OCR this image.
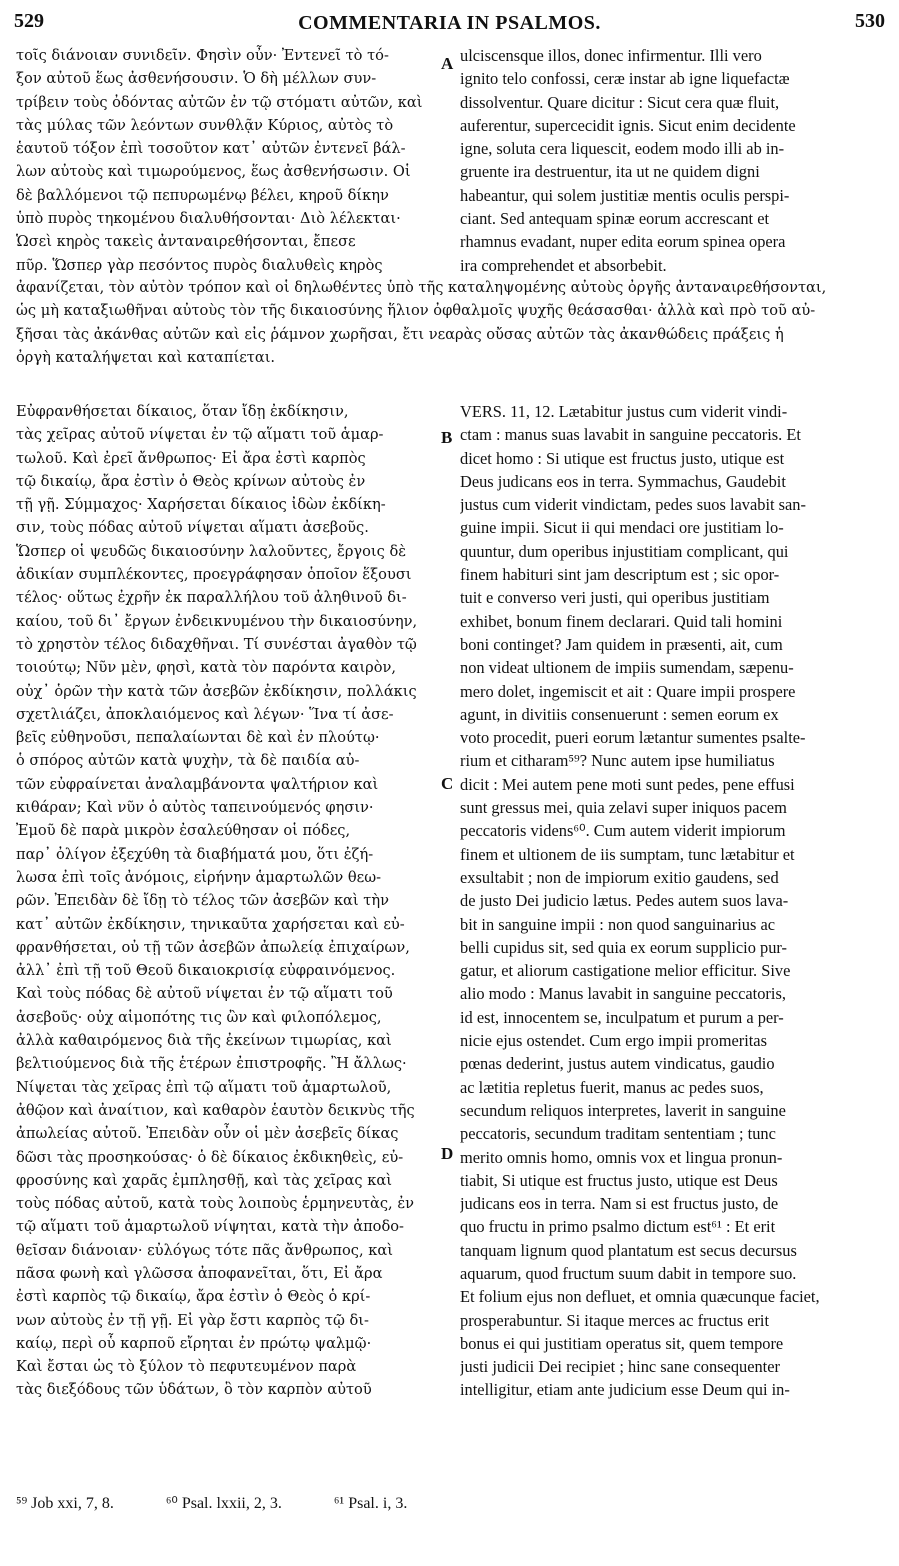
529	COMMENTARIA IN PSALMOS.	530
τοῖς διάνοιαν συνιδεῖν. Φησὶν οὖν· Ἐντενεῖ τὸ τό-
ξον αὐτοῦ ἕως ἀσθενήσουσιν. Ὁ δὴ μέλλων συν-
τρίβειν τοὺς ὀδόντας αὐτῶν ἐν τῷ στόματι αὐτῶν, καὶ
τὰς μύλας τῶν λεόντων συνθλᾷν Κύριος, αὐτὸς τὸ
ἑαυτοῦ τόξον ἐπὶ τοσοῦτον κατ᾽ αὐτῶν ἐντενεῖ βάλ-
λων αὐτοὺς καὶ τιμωρούμενος, ἕως ἀσθενήσωσιν. Οἱ
δὲ βαλλόμενοι τῷ πεπυρωμένῳ βέλει, κηροῦ δίκην
ὑπὸ πυρὸς τηκομένου διαλυθήσονται· Διὸ λέλεκται·
Ὡσεὶ κηρὸς τακεὶς ἀνταναιρεθήσονται, ἔπεσε
πῦρ. Ὥσπερ γὰρ πεσόντος πυρὸς διαλυθεὶς κηρὸς
ulciscensque illos, donec infirmentur. Illi vero
ignito telo confossi, ceræ instar ab igne liquefactæ
dissolventur. Quare dicitur : Sicut cera quæ fluit,
auferentur, supercecidit ignis. Sicut enim decidente
igne, soluta cera liquescit, eodem modo illi ab in-
gruente ira destruentur, ita ut ne quidem digni
habeantur, qui solem justitiæ mentis oculis perspi-
ciant. Sed antequam spinæ eorum accrescant et
rhamnus evadant, nuper edita eorum spinea opera
ira comprehendet et absorbebit.
A
ἀφανίζεται, τὸν αὐτὸν τρόπον καὶ οἱ δηλωθέντες ὑπὸ τῆς καταληψομένης αὐτοὺς ὀργῆς ἀνταναιρεθήσονται,
ὡς μὴ καταξιωθῆναι αὐτοὺς τὸν τῆς δικαιοσύνης ἥλιον ὀφθαλμοῖς ψυχῆς θεάσασθαι· ἀλλὰ καὶ πρὸ τοῦ αὐ-
ξῆσαι τὰς ἀκάνθας αὐτῶν καὶ εἰς ῥάμνον χωρῆσαι, ἔτι νεαρὰς οὔσας αὐτῶν τὰς ἀκανθώδεις πράξεις ἡ
ὀργὴ καταλήψεται καὶ καταπίεται.
Εὐφρανθήσεται δίκαιος, ὅταν ἴδῃ ἐκδίκησιν,
τὰς χεῖρας αὐτοῦ νίψεται ἐν τῷ αἵματι τοῦ ἁμαρ-
τωλοῦ. Καὶ ἐρεῖ ἄνθρωπος· Εἰ ἄρα ἐστὶ καρπὸς
τῷ δικαίῳ, ἄρα ἐστὶν ὁ Θεὸς κρίνων αὐτοὺς ἐν
τῇ γῇ. Σύμμαχος· Χαρήσεται δίκαιος ἰδὼν ἐκδίκη-
σιν, τοὺς πόδας αὐτοῦ νίψεται αἵματι ἀσεβοῦς.
Ὥσπερ οἱ ψευδῶς δικαιοσύνην λαλοῦντες, ἔργοις δὲ
ἀδικίαν συμπλέκοντες, προεγράφησαν ὁποῖον ἕξουσι
τέλος· οὕτως ἐχρῆν ἐκ παραλλήλου τοῦ ἀληθινοῦ δι-
καίου, τοῦ δι᾽ ἔργων ἐνδεικνυμένου τὴν δικαιοσύνην,
τὸ χρηστὸν τέλος διδαχθῆναι. Τί συνέσται ἀγαθὸν τῷ
τοιούτῳ; Νῦν μὲν, φησὶ, κατὰ τὸν παρόντα καιρὸν,
οὐχ᾽ ὁρῶν τὴν κατὰ τῶν ἀσεβῶν ἐκδίκησιν, πολλάκις
σχετλιάζει, ἀποκλαιόμενος καὶ λέγων· Ἵνα τί ἀσε-
βεῖς εὐθηνοῦσι, πεπαλαίωνται δὲ καὶ ἐν πλούτῳ·
ὁ σπόρος αὐτῶν κατὰ ψυχὴν, τὰ δὲ παιδία αὐ-
τῶν εὐφραίνεται ἀναλαμβάνοντα ψαλτήριον καὶ
κιθάραν; Καὶ νῦν ὁ αὐτὸς ταπεινούμενός φησιν·
Ἐμοῦ δὲ παρὰ μικρὸν ἐσαλεύθησαν οἱ πόδες,
παρ᾽ ὀλίγον ἐξεχύθη τὰ διαβήματά μου, ὅτι ἐζή-
λωσα ἐπὶ τοῖς ἀνόμοις, εἰρήνην ἁμαρτωλῶν θεω-
ρῶν. Ἐπειδὰν δὲ ἴδῃ τὸ τέλος τῶν ἀσεβῶν καὶ τὴν
κατ᾽ αὐτῶν ἐκδίκησιν, τηνικαῦτα χαρήσεται καὶ εὐ-
φρανθήσεται, οὐ τῇ τῶν ἀσεβῶν ἀπωλείᾳ ἐπιχαίρων,
ἀλλ᾽ ἐπὶ τῇ τοῦ Θεοῦ δικαιοκρισίᾳ εὐφραινόμενος.
Καὶ τοὺς πόδας δὲ αὐτοῦ νίψεται ἐν τῷ αἵματι τοῦ
ἀσεβοῦς· οὐχ αἱμοπότης τις ὢν καὶ φιλοπόλεμος,
ἀλλὰ καθαιρόμενος διὰ τῆς ἐκείνων τιμωρίας, καὶ
βελτιούμενος διὰ τῆς ἑτέρων ἐπιστροφῆς. Ἢ ἄλλως·
Νίψεται τὰς χεῖρας ἐπὶ τῷ αἵματι τοῦ ἁμαρτωλοῦ,
ἀθῷον καὶ ἀναίτιον, καὶ καθαρὸν ἑαυτὸν δεικνὺς τῆς
ἀπωλείας αὐτοῦ. Ἐπειδὰν οὖν οἱ μὲν ἀσεβεῖς δίκας
δῶσι τὰς προσηκούσας· ὁ δὲ δίκαιος ἐκδικηθεὶς, εὐ-
φροσύνης καὶ χαρᾶς ἐμπλησθῇ, καὶ τὰς χεῖρας καὶ
τοὺς πόδας αὐτοῦ, κατὰ τοὺς λοιποὺς ἑρμηνευτὰς, ἐν
τῷ αἵματι τοῦ ἁμαρτωλοῦ νίψηται, κατὰ τὴν ἀποδο-
θεῖσαν διάνοιαν· εὐλόγως τότε πᾶς ἄνθρωπος, καὶ
πᾶσα φωνὴ καὶ γλῶσσα ἀποφανεῖται, ὅτι, Εἰ ἄρα
ἐστὶ καρπὸς τῷ δικαίῳ, ἄρα ἐστὶν ὁ Θεὸς ὁ κρί-
νων αὐτοὺς ἐν τῇ γῇ. Εἰ γὰρ ἔστι καρπὸς τῷ δι-
καίῳ, περὶ οὗ καρποῦ εἴρηται ἐν πρώτῳ ψαλμῷ·
Καὶ ἔσται ὡς τὸ ξύλον τὸ πεφυτευμένον παρὰ
τὰς διεξόδους τῶν ὑδάτων, ὃ τὸν καρπὸν αὐτοῦ
VERS. 11, 12. Lætabitur justus cum viderit vindi-
ctam : manus suas lavabit in sanguine peccatoris. Et
dicet homo : Si utique est fructus justo, utique est
Deus judicans eos in terra. Symmachus, Gaudebit
justus cum viderit vindictam, pedes suos lavabit san-
guine impii. Sicut ii qui mendaci ore justitiam lo-
quuntur, dum operibus injustitiam complicant, qui
finem habituri sint jam descriptum est ; sic opor-
tuit e converso veri justi, qui operibus justitiam
exhibet, bonum finem declarari. Quid tali homini
boni continget? Jam quidem in præsenti, ait, cum
non videat ultionem de impiis sumendam, sæpenu-
mero dolet, ingemiscit et ait : Quare impii prospere
agunt, in divitiis consenuerunt : semen eorum ex
voto procedit, pueri eorum lætantur sumentes psalte-
rium et citharam⁵⁹? Nunc autem ipse humiliatus
dicit : Mei autem pene moti sunt pedes, pene effusi
sunt gressus mei, quia zelavi super iniquos pacem
peccatoris videns⁶⁰. Cum autem viderit impiorum
finem et ultionem de iis sumptam, tunc lætabitur et
exsultabit ; non de impiorum exitio gaudens, sed
de justo Dei judicio lætus. Pedes autem suos lava-
bit in sanguine impii : non quod sanguinarius ac
belli cupidus sit, sed quia ex eorum supplicio pur-
gatur, et aliorum castigatione melior efficitur. Sive
alio modo : Manus lavabit in sanguine peccatoris,
id est, innocentem se, inculpatum et purum a per-
nicie ejus ostendet. Cum ergo impii promeritas
pœnas dederint, justus autem vindicatus, gaudio
ac lætitia repletus fuerit, manus ac pedes suos,
secundum reliquos interpretes, laverit in sanguine
peccatoris, secundum traditam sententiam ; tunc
merito omnis homo, omnis vox et lingua pronun-
tiabit, Si utique est fructus justo, utique est Deus
judicans eos in terra. Nam si est fructus justo, de
quo fructu in primo psalmo dictum est⁶¹ : Et erit
tanquam lignum quod plantatum est secus decursus
aquarum, quod fructum suum dabit in tempore suo.
Et folium ejus non defluet, et omnia quæcunque faciet,
prosperabuntur. Si itaque merces ac fructus erit
bonus ei qui justitiam operatus sit, quem tempore
justi judicii Dei recipiet ; hinc sane consequenter
intelligitur, etiam ante judicium esse Deum qui in-
B
C
D
⁵⁹ Job xxi, 7, 8.	⁶⁰ Psal. lxxii, 2, 3.	⁶¹ Psal. i, 3.
